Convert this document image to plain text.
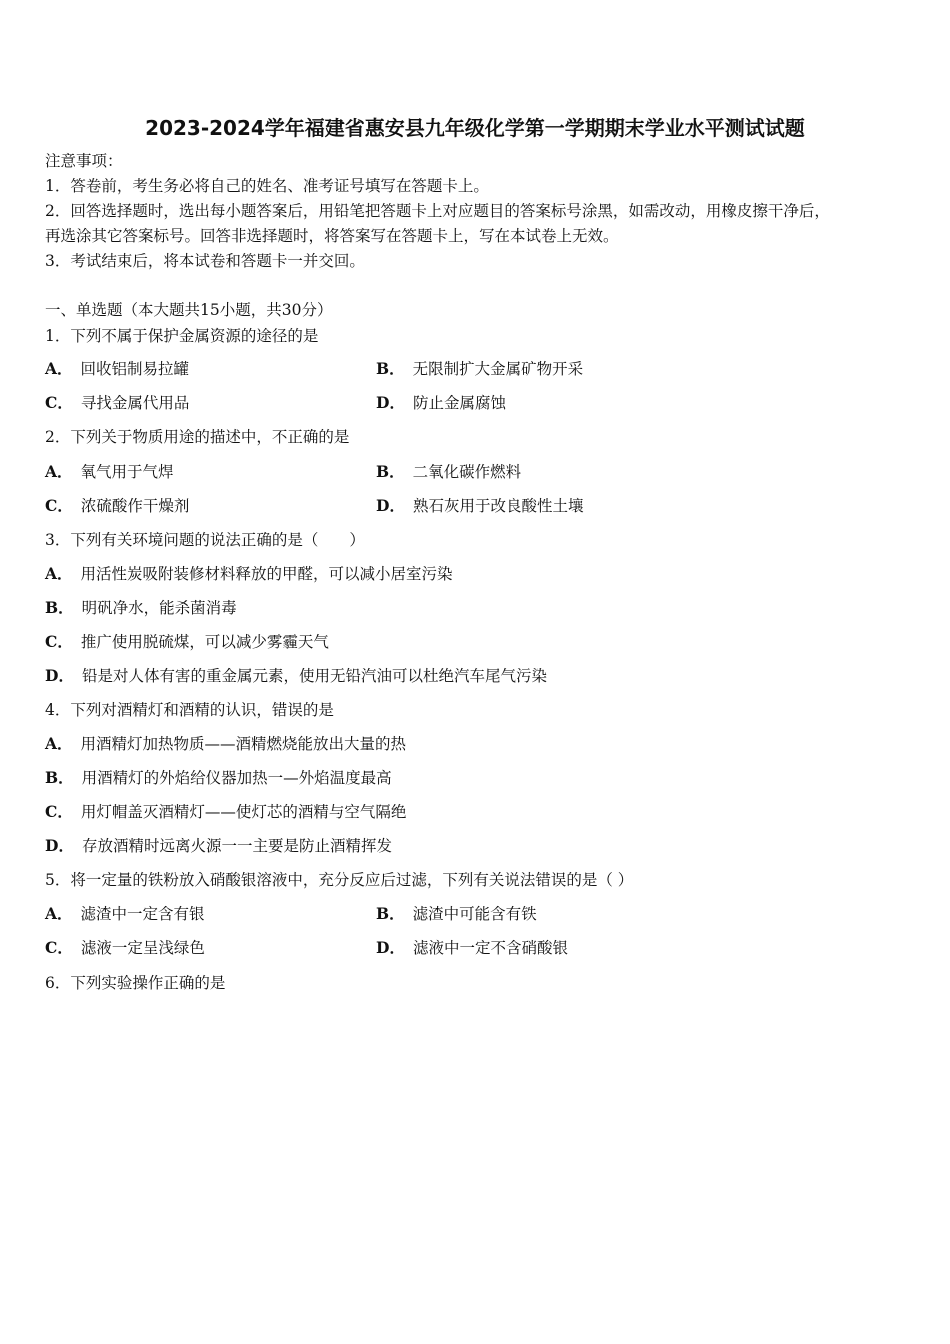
2023-2024学年福建省惠安县九年级化学第一学期期末学业水平测试试题
注意事项：
1．答卷前，考生务必将自己的姓名、准考证号填写在答题卡上。
2．回答选择题时，选出每小题答案后，用铅笔把答题卡上对应题目的答案标号涂黑，如需改动，用橡皮擦干净后，
再选涂其它答案标号。回答非选择题时，将答案写在答题卡上，写在本试卷上无效。
3．考试结束后，将本试卷和答题卡一并交回。
一、单选题（本大题共15小题，共30分）
1．下列不属于保护金属资源的途径的是
A． 回收铝制易拉罐	B． 无限制扩大金属矿物开采
C． 寻找金属代用品	D． 防止金属腐蚀
2．下列关于物质用途的描述中，不正确的是
A． 氧气用于气焊	B． 二氧化碳作燃料
C． 浓硫酸作干燥剂	D． 熟石灰用于改良酸性土壤
3．下列有关环境问题的说法正确的是（　　）
A． 用活性炭吸附装修材料释放的甲醛，可以减小居室污染
B． 明矾净水，能杀菌消毒
C． 推广使用脱硫煤，可以减少雾霾天气
D． 铅是对人体有害的重金属元素，使用无铅汽油可以杜绝汽车尾气污染
4．下列对酒精灯和酒精的认识，错误的是
A． 用酒精灯加热物质——酒精燃烧能放出大量的热
B． 用酒精灯的外焰给仪器加热一—外焰温度最高
C． 用灯帽盖灭酒精灯——使灯芯的酒精与空气隔绝
D． 存放酒精时远离火源一一主要是防止酒精挥发
5．将一定量的铁粉放入硝酸银溶液中，充分反应后过滤，下列有关说法错误的是（ ）
A． 滤渣中一定含有银	B． 滤渣中可能含有铁
C． 滤液一定呈浅绿色	D． 滤液中一定不含硝酸银
6．下列实验操作正确的是
